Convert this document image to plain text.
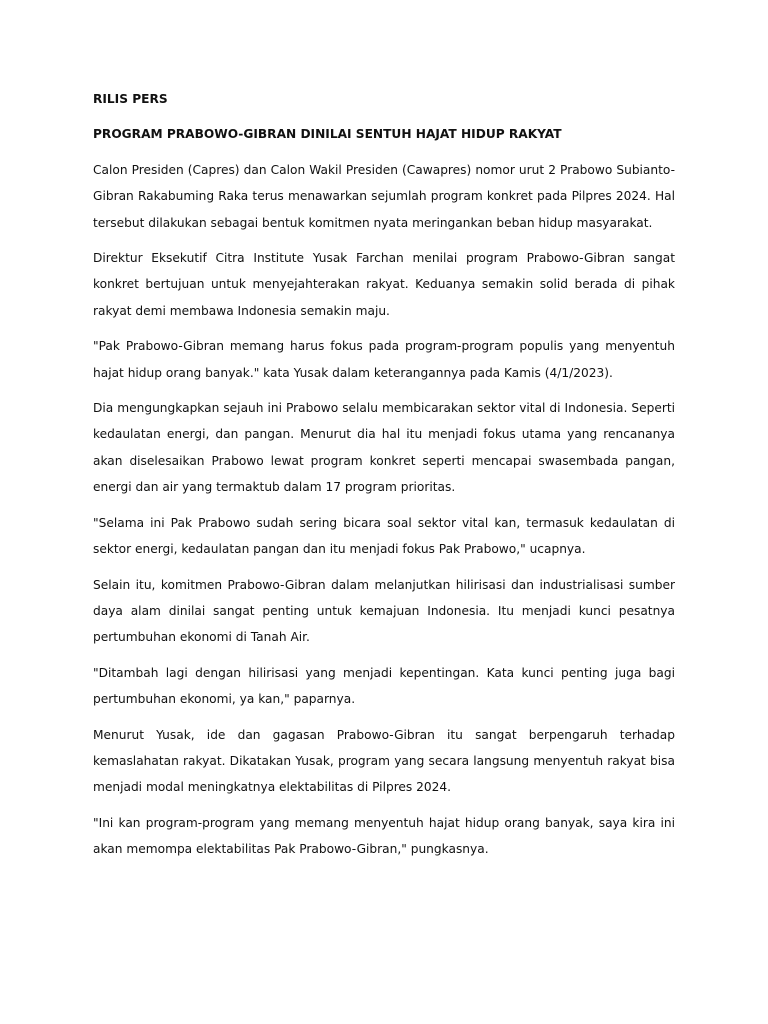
RILIS PERS

PROGRAM PRABOWO-GIBRAN DINILAI SENTUH HAJAT HIDUP RAKYAT

Calon Presiden (Capres) dan Calon Wakil Presiden (Cawapres) nomor urut 2 Prabowo Subianto-Gibran Rakabuming Raka terus menawarkan sejumlah program konkret pada Pilpres 2024. Hal tersebut dilakukan sebagai bentuk komitmen nyata meringankan beban hidup masyarakat.

Direktur Eksekutif Citra Institute Yusak Farchan menilai program Prabowo-Gibran sangat konkret bertujuan untuk menyejahterakan rakyat. Keduanya semakin solid berada di pihak rakyat demi membawa Indonesia semakin maju.

"Pak Prabowo-Gibran memang harus fokus pada program-program populis yang menyentuh hajat hidup orang banyak." kata Yusak dalam keterangannya pada Kamis (4/1/2023).

Dia mengungkapkan sejauh ini Prabowo selalu membicarakan sektor vital di Indonesia. Seperti kedaulatan energi, dan pangan. Menurut dia hal itu menjadi fokus utama yang rencananya akan diselesaikan Prabowo lewat program konkret seperti mencapai swasembada pangan, energi dan air yang termaktub dalam 17 program prioritas.

"Selama ini Pak Prabowo sudah sering bicara soal sektor vital kan, termasuk kedaulatan di sektor energi, kedaulatan pangan dan itu menjadi fokus Pak Prabowo," ucapnya.

Selain itu, komitmen Prabowo-Gibran dalam melanjutkan hilirisasi dan industrialisasi sumber daya alam dinilai sangat penting untuk kemajuan Indonesia. Itu menjadi kunci pesatnya pertumbuhan ekonomi di Tanah Air.

"Ditambah lagi dengan hilirisasi yang menjadi kepentingan. Kata kunci penting juga bagi pertumbuhan ekonomi, ya kan," paparnya.

Menurut Yusak, ide dan gagasan Prabowo-Gibran itu sangat berpengaruh terhadap kemaslahatan rakyat. Dikatakan Yusak, program yang secara langsung menyentuh rakyat bisa menjadi modal meningkatnya elektabilitas di Pilpres 2024.

"Ini kan program-program yang memang menyentuh hajat hidup orang banyak, saya kira ini akan memompa elektabilitas Pak Prabowo-Gibran," pungkasnya.
